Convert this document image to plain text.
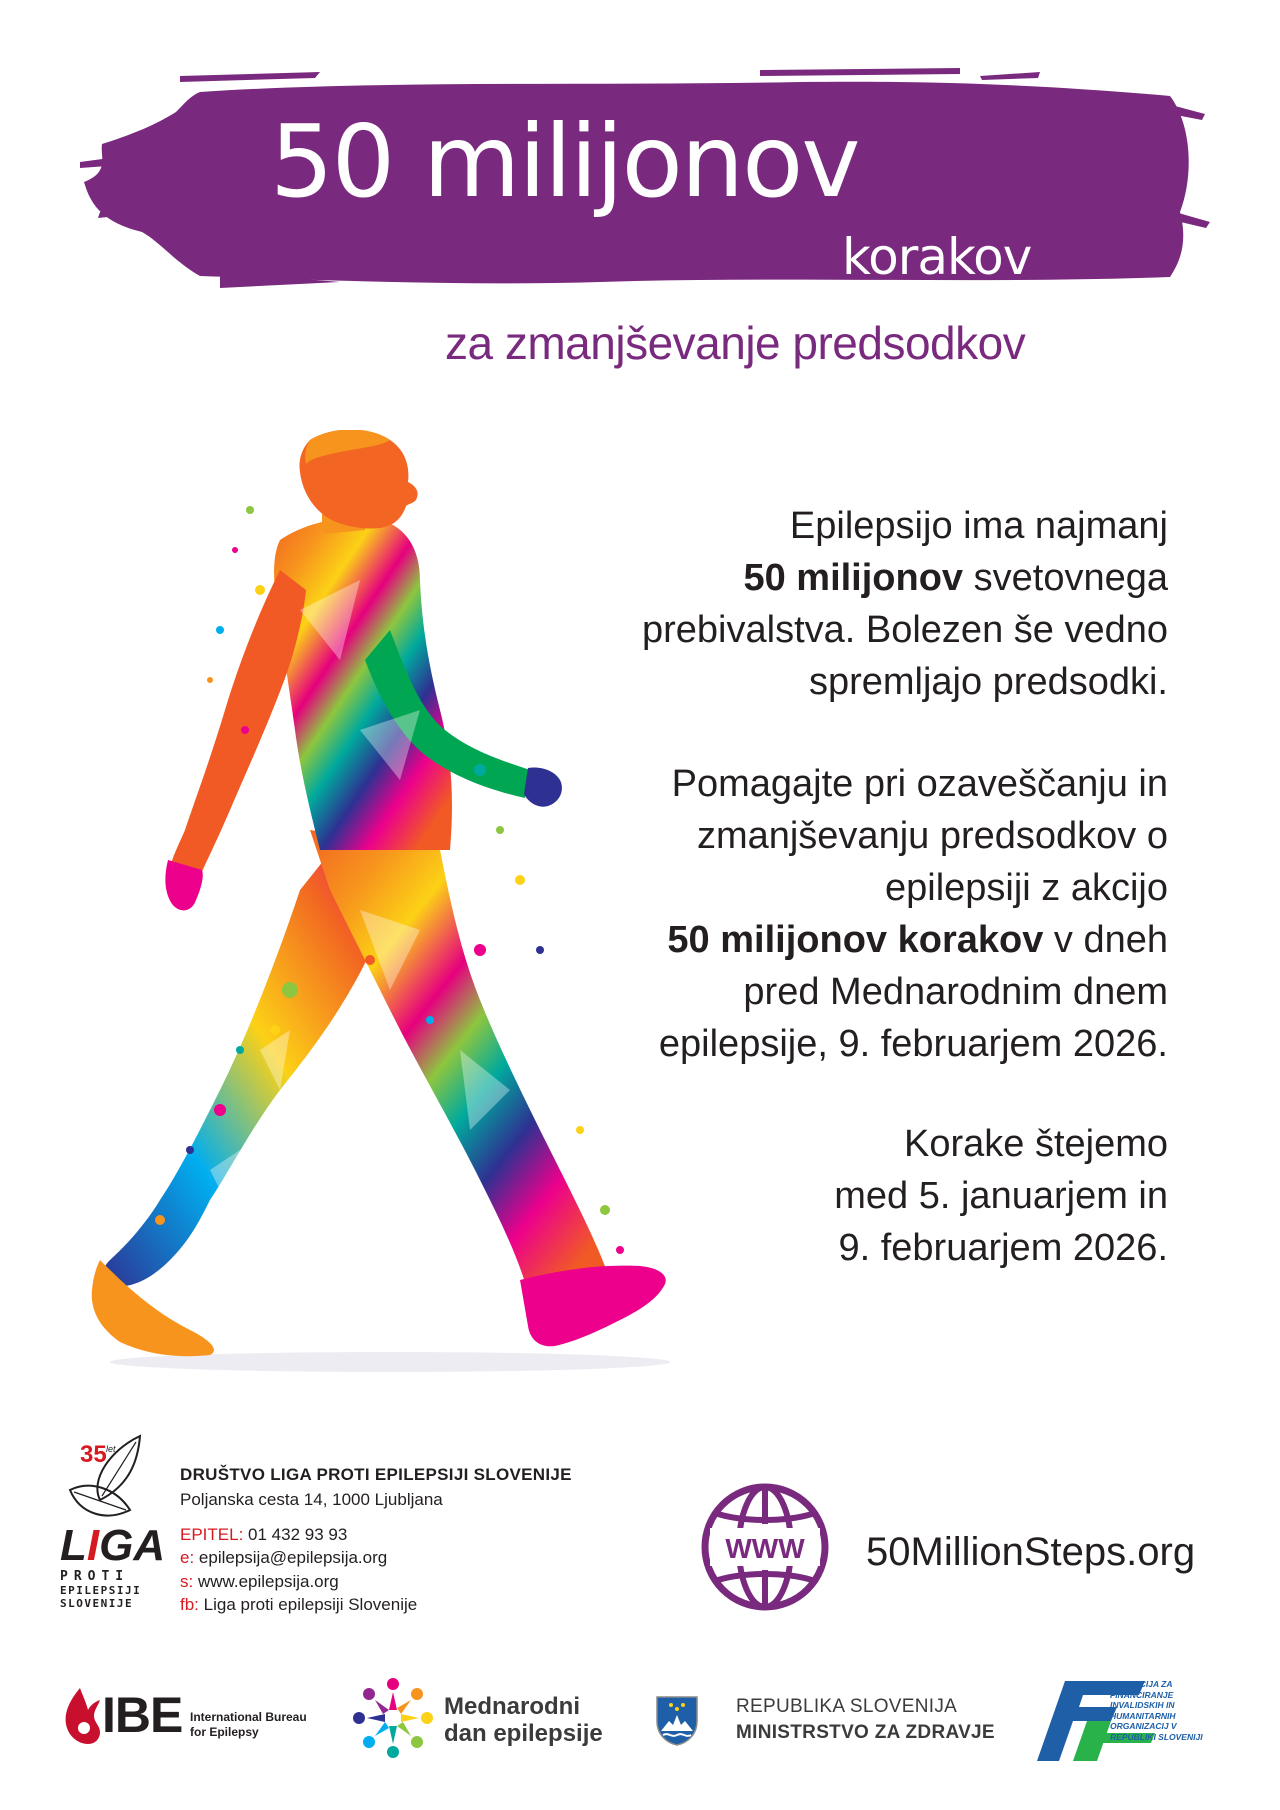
50 milijonov
korakov
za zmanjševanje predsodkov
Epilepsijo ima najmanj
50 milijonov svetovnega
prebivalstva. Bolezen še vedno
spremljajo predsodki.
Pomagajte pri ozaveščanju in
zmanjševanju predsodkov o
epilepsiji z akcijo
50 milijonov korakov v dneh
pred Mednarodnim dnem
epilepsije, 9. februarjem 2026.
Korake štejemo
med 5. januarjem in
9. februarjem 2026.
35 let
LIGA
PROTI
EPILEPSIJI
SLOVENIJE
DRUŠTVO LIGA PROTI EPILEPSIJI SLOVENIJE
Poljanska cesta 14, 1000 Ljubljana
EPITEL: 01 432 93 93
e: epilepsija@epilepsija.org
s: www.epilepsija.org
fb: Liga proti epilepsiji Slovenije
WWW 50MillionSteps.org
IBE International Bureau
for Epilepsy
Mednarodni
dan epilepsije
REPUBLIKA SLOVENIJA
MINISTRSTVO ZA ZDRAVJE
FUNDACIJA ZA FINANCIRANJE INVALIDSKIH IN HUMANITARNIH ORGANIZACIJ V REPUBLIKI SLOVENIJI
